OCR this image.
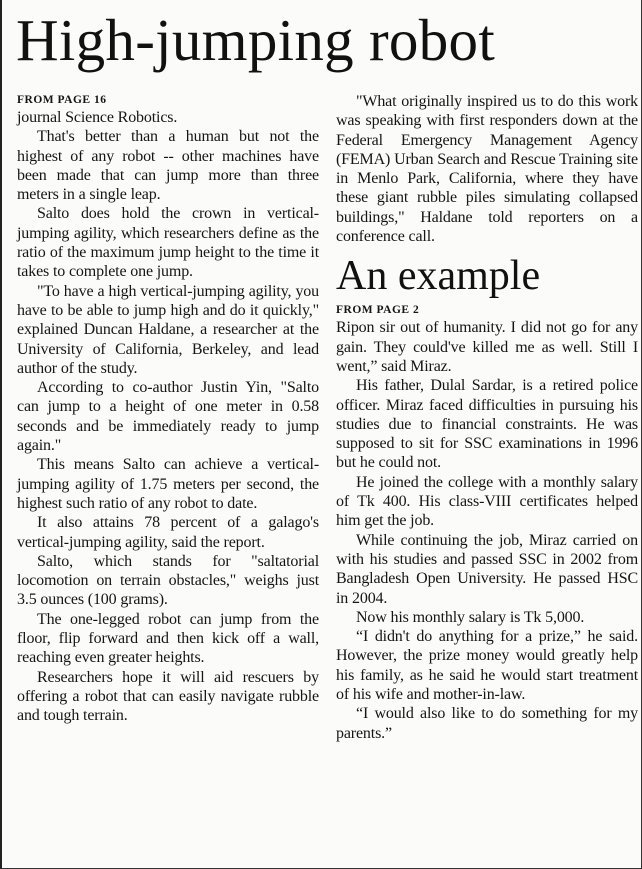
High-jumping robot
FROM PAGE 16

journal Science Robotics.

That's better than a human but not the highest of any robot -- other machines have been made that can jump more than three meters in a single leap.

Salto does hold the crown in vertical-jumping agility, which researchers define as the ratio of the maximum jump height to the time it takes to complete one jump.

"To have a high vertical-jumping agility, you have to be able to jump high and do it quickly," explained Duncan Haldane, a researcher at the University of California, Berkeley, and lead author of the study.

According to co-author Justin Yin, "Salto can jump to a height of one meter in 0.58 seconds and be immediately ready to jump again."

This means Salto can achieve a vertical-jumping agility of 1.75 meters per second, the highest such ratio of any robot to date.

It also attains 78 percent of a galago's vertical-jumping agility, said the report.

Salto, which stands for "saltatorial locomotion on terrain obstacles," weighs just 3.5 ounces (100 grams).

The one-legged robot can jump from the floor, flip forward and then kick off a wall, reaching even greater heights.

Researchers hope it will aid rescuers by offering a robot that can easily navigate rubble and tough terrain.

"What originally inspired us to do this work was speaking with first responders down at the Federal Emergency Management Agency (FEMA) Urban Search and Rescue Training site in Menlo Park, California, where they have these giant rubble piles simulating collapsed buildings," Haldane told reporters on a conference call.

An example
FROM PAGE 2

Ripon sir out of humanity. I did not go for any gain. They could've killed me as well. Still I went,” said Miraz.

His father, Dulal Sardar, is a retired police officer. Miraz faced difficulties in pursuing his studies due to financial constraints. He was supposed to sit for SSC examinations in 1996 but he could not.

He joined the college with a monthly salary of Tk 400. His class-VIII certificates helped him get the job.

While continuing the job, Miraz carried on with his studies and passed SSC in 2002 from Bangladesh Open University. He passed HSC in 2004.

Now his monthly salary is Tk 5,000.

“I didn't do anything for a prize,” he said. However, the prize money would greatly help his family, as he said he would start treatment of his wife and mother-in-law.

“I would also like to do something for my parents.”
